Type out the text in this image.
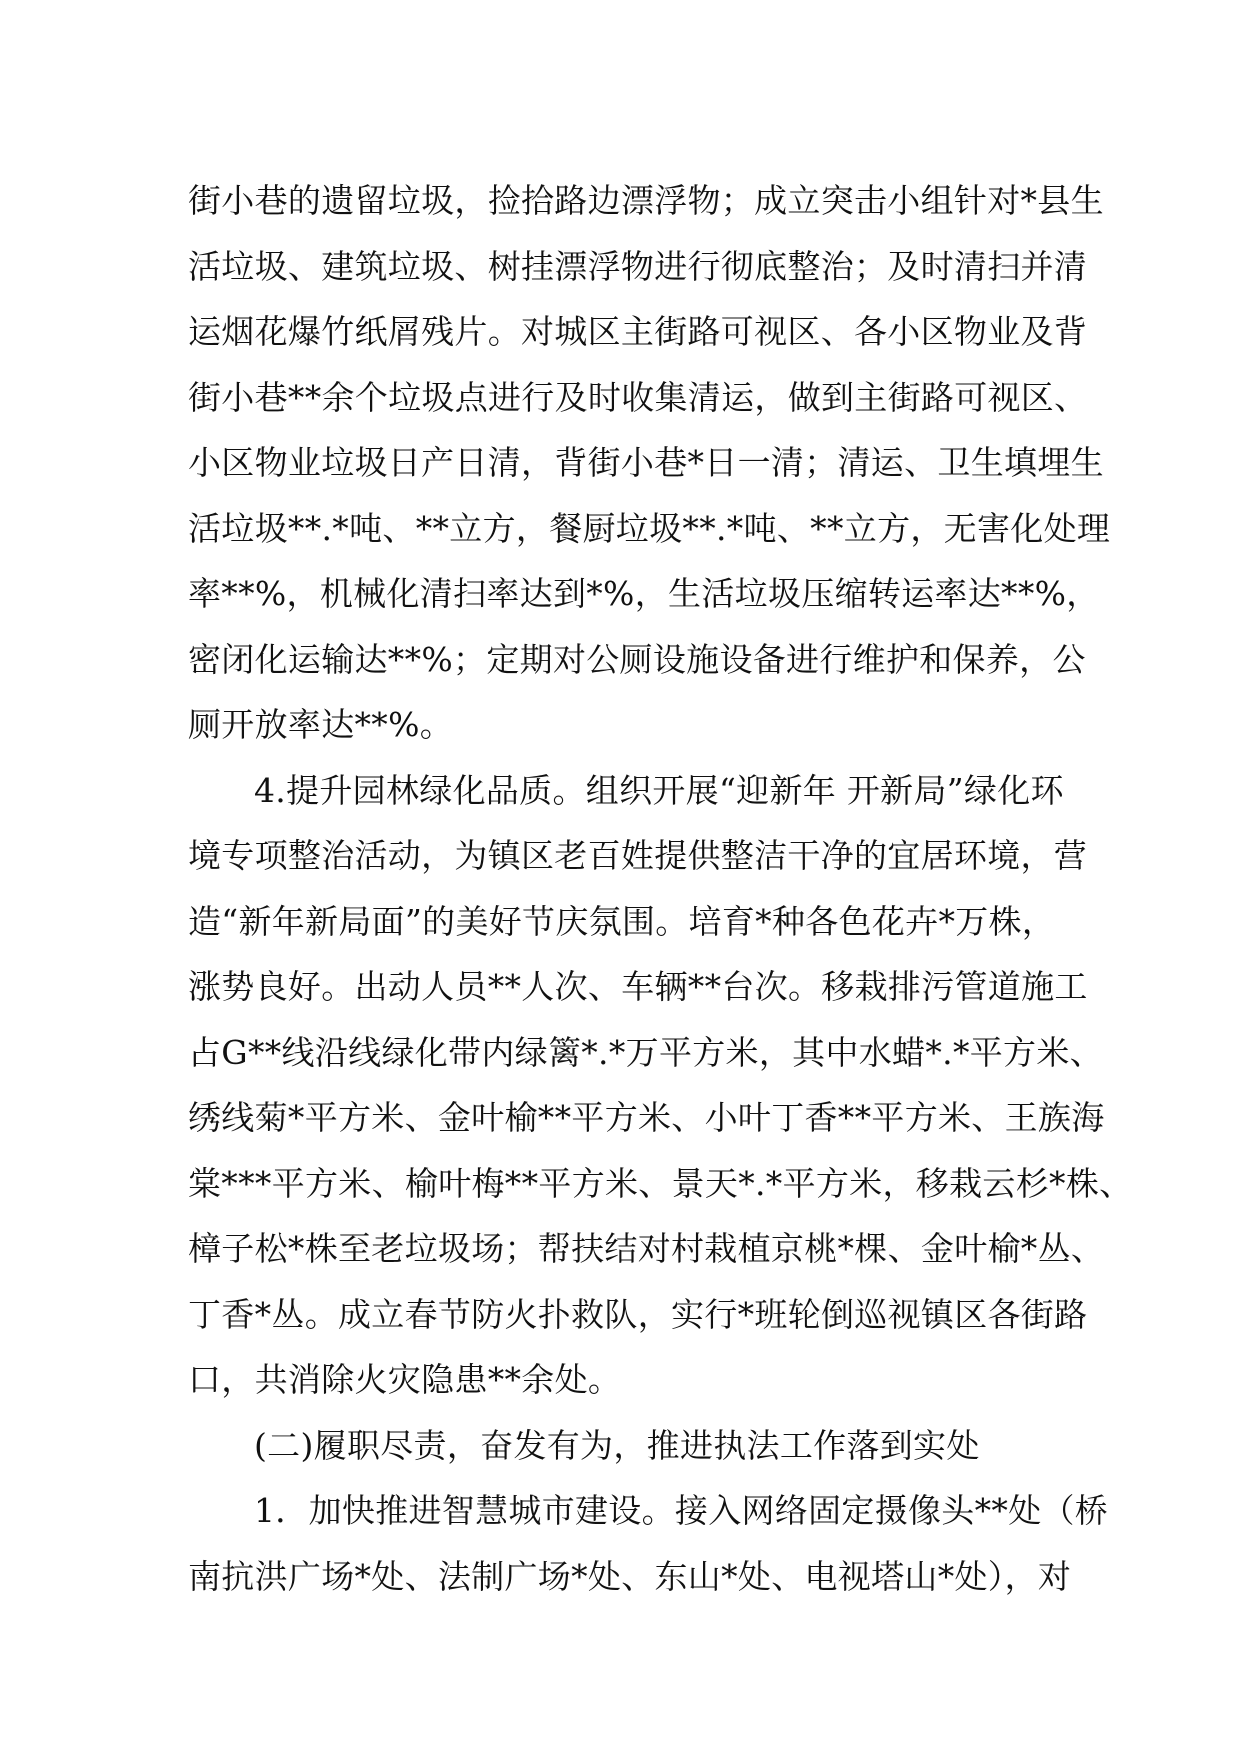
街小巷的遗留垃圾，捡拾路边漂浮物；成立突击小组针对*县生
活垃圾、建筑垃圾、树挂漂浮物进行彻底整治；及时清扫并清
运烟花爆竹纸屑残片。对城区主街路可视区、各小区物业及背
街小巷**余个垃圾点进行及时收集清运，做到主街路可视区、
小区物业垃圾日产日清，背街小巷*日一清；清运、卫生填埋生
活垃圾**.*吨、**立方，餐厨垃圾**.*吨、**立方，无害化处理
率**%，机械化清扫率达到*%，生活垃圾压缩转运率达**%，
密闭化运输达**%；定期对公厕设施设备进行维护和保养，公
厕开放率达**%。
4.提升园林绿化品质。组织开展“迎新年 开新局”绿化环
境专项整治活动，为镇区老百姓提供整洁干净的宜居环境，营
造“新年新局面”的美好节庆氛围。培育*种各色花卉*万株，
涨势良好。出动人员**人次、车辆**台次。移栽排污管道施工
占G**线沿线绿化带内绿篱*.*万平方米，其中水蜡*.*平方米、
绣线菊*平方米、金叶榆**平方米、小叶丁香**平方米、王族海
棠***平方米、榆叶梅**平方米、景天*.*平方米，移栽云杉*株、
樟子松*株至老垃圾场；帮扶结对村栽植京桃*棵、金叶榆*丛、
丁香*丛。成立春节防火扑救队，实行*班轮倒巡视镇区各街路
口，共消除火灾隐患**余处。
(二)履职尽责，奋发有为，推进执法工作落到实处
1．加快推进智慧城市建设。接入网络固定摄像头**处（桥
南抗洪广场*处、法制广场*处、东山*处、电视塔山*处），对
